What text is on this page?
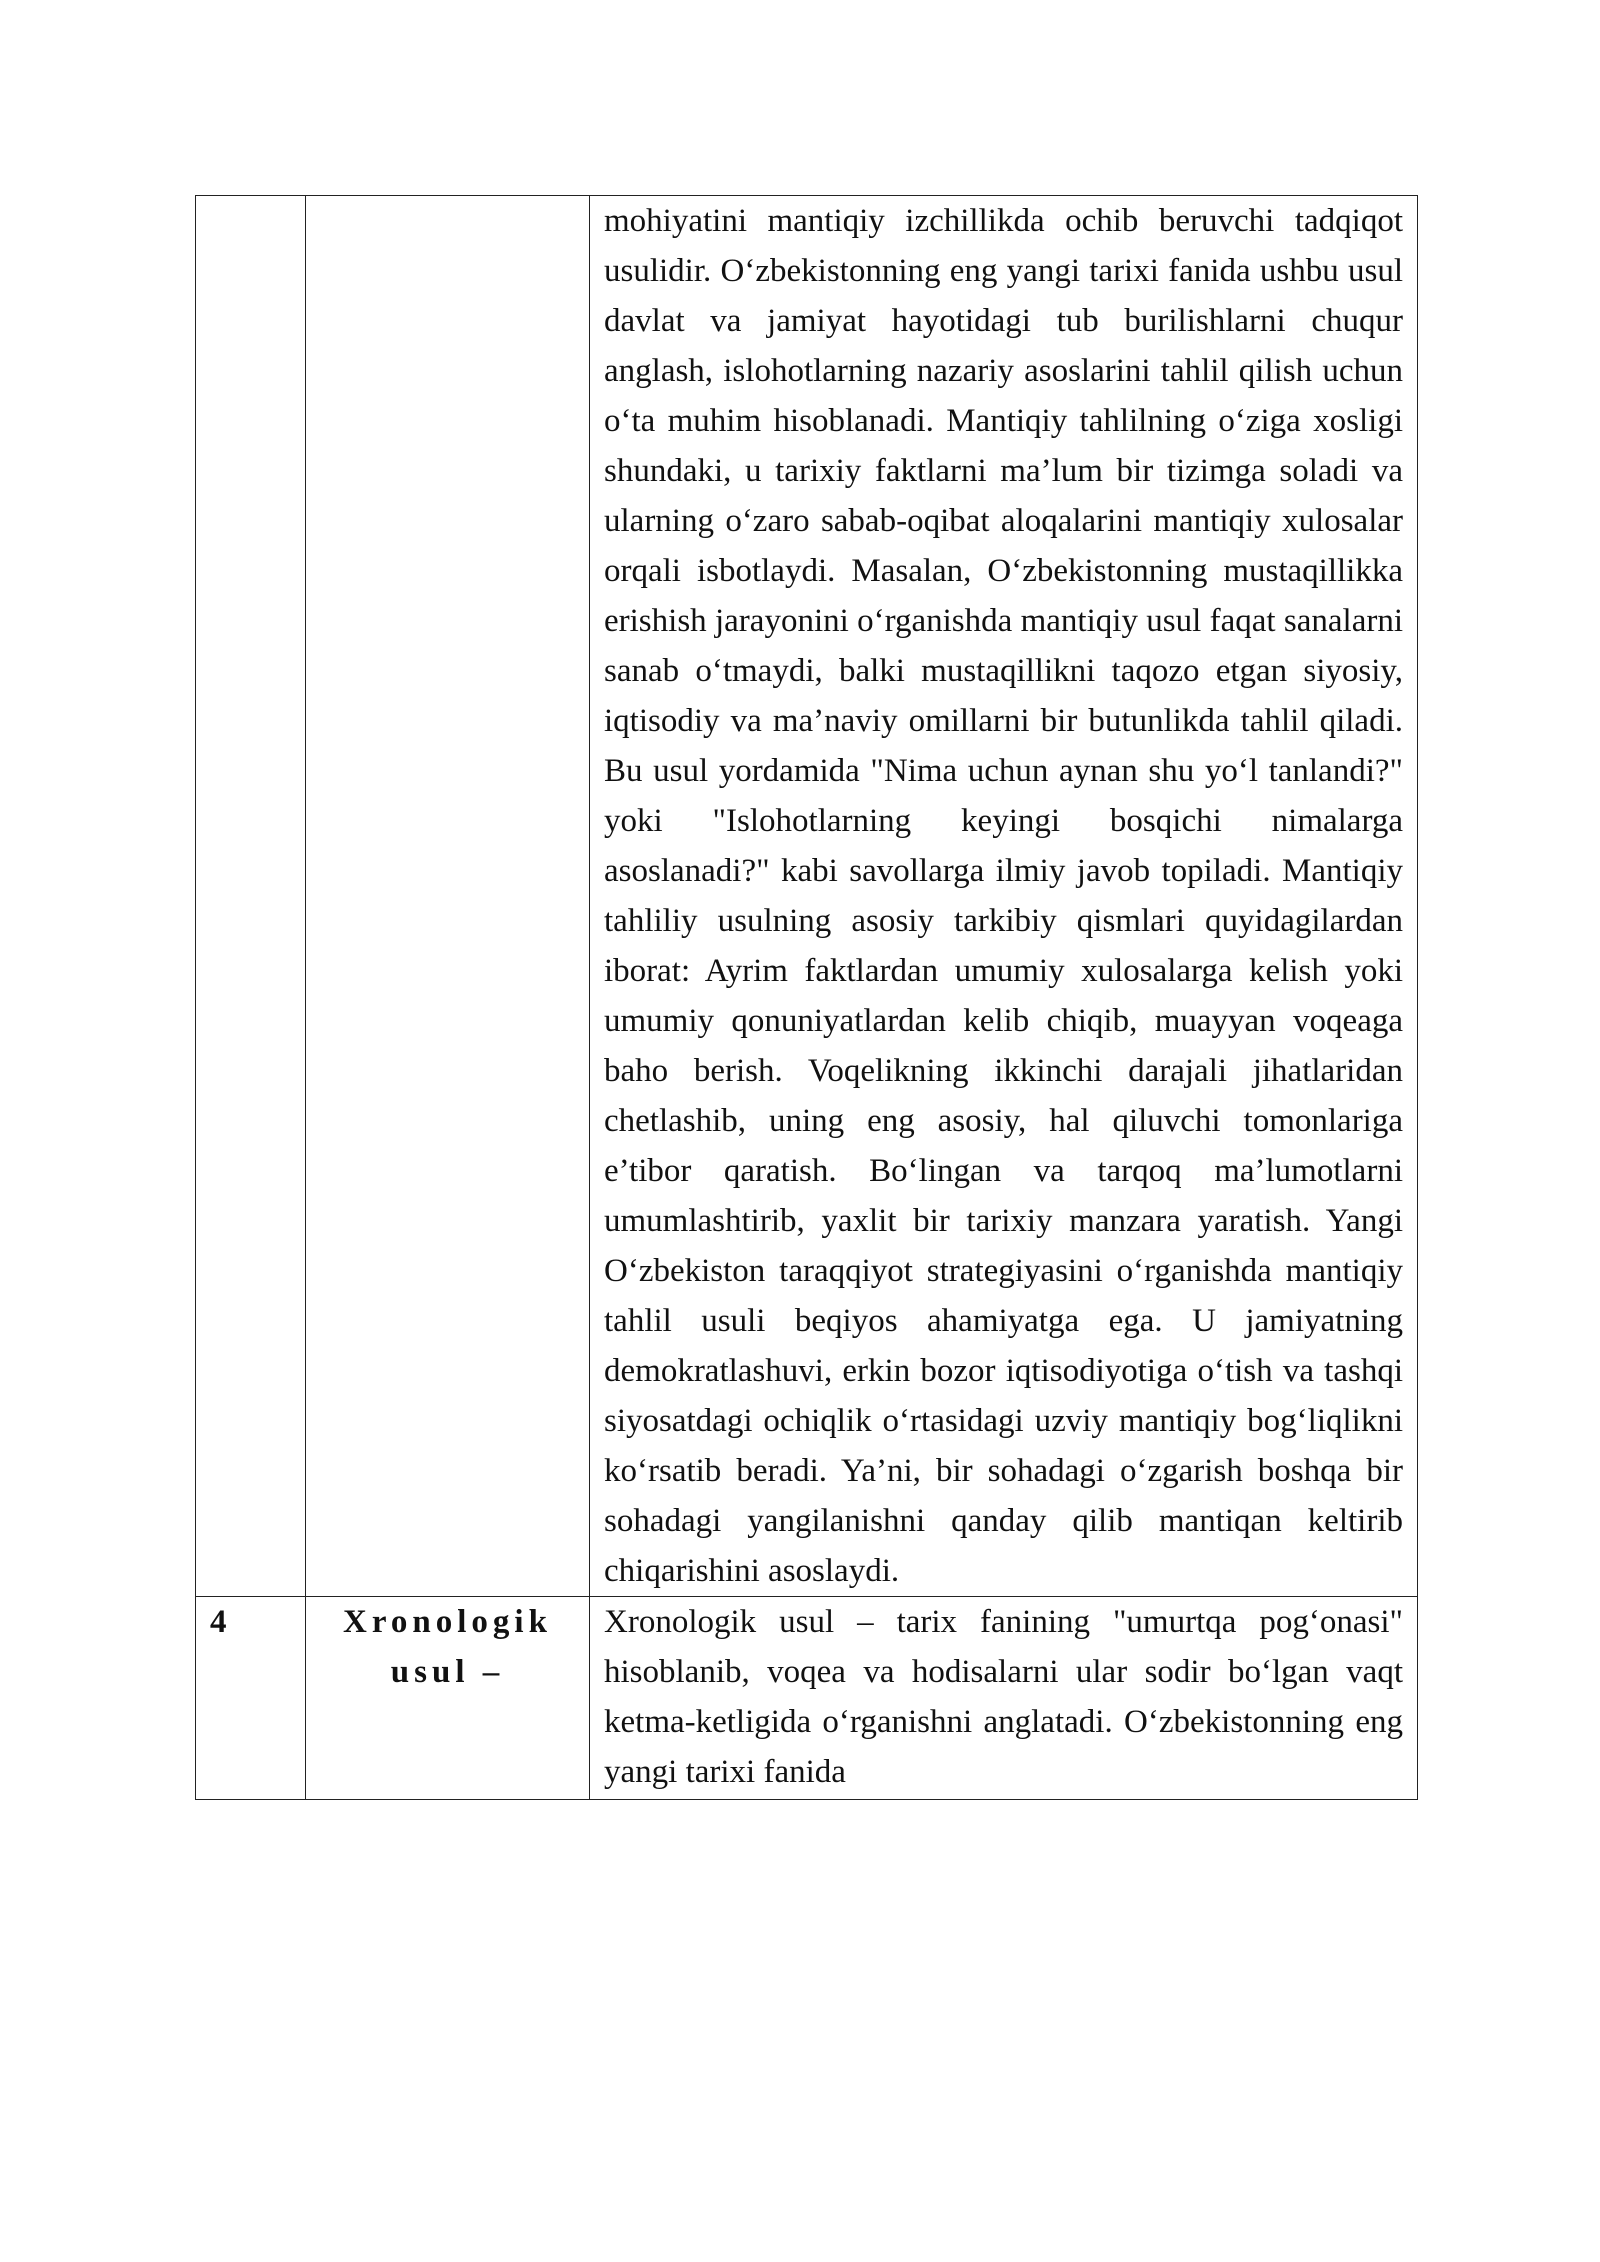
		mohiyatini mantiqiy izchillikda ochib beruvchi tadqiqot usulidir. O‘zbekistonning eng yangi tarixi fanida ushbu usul davlat va jamiyat hayotidagi tub burilishlarni chuqur anglash, islohotlarning nazariy asoslarini tahlil qilish uchun o‘ta muhim hisoblanadi. Mantiqiy tahlilning o‘ziga xosligi shundaki, u tarixiy faktlarni ma’lum bir tizimga soladi va ularning o‘zaro sabab-oqibat aloqalarini mantiqiy xulosalar orqali isbotlaydi. Masalan, O‘zbekistonning mustaqillikka erishish jarayonini o‘rganishda mantiqiy usul faqat sanalarni sanab o‘tmaydi, balki mustaqillikni taqozo etgan siyosiy, iqtisodiy va ma’naviy omillarni bir butunlikda tahlil qiladi. Bu usul yordamida "Nima uchun aynan shu yo‘l tanlandi?" yoki "Islohotlarning keyingi bosqichi nimalarga asoslanadi?" kabi savollarga ilmiy javob topiladi. Mantiqiy tahliliy usulning asosiy tarkibiy qismlari quyidagilardan iborat: Ayrim faktlardan umumiy xulosalarga kelish yoki umumiy qonuniyatlardan kelib chiqib, muayyan voqeaga baho berish. Voqelikning ikkinchi darajali jihatlaridan chetlashib, uning eng asosiy, hal qiluvchi tomonlariga e’tibor qaratish. Bo‘lingan va tarqoq ma’lumotlarni umumlashtirib, yaxlit bir tarixiy manzara yaratish. Yangi O‘zbekiston taraqqiyot strategiyasini o‘rganishda mantiqiy tahlil usuli beqiyos ahamiyatga ega. U jamiyatning demokratlashuvi, erkin bozor iqtisodiyotiga o‘tish va tashqi siyosatdagi ochiqlik o‘rtasidagi uzviy mantiqiy bog‘liqlikni ko‘rsatib beradi. Ya’ni, bir sohadagi o‘zgarish boshqa bir sohadagi yangilanishni qanday qilib mantiqan keltirib chiqarishini asoslaydi.
4	Xronologik usul –	Xronologik usul – tarix fanining "umurtqa pog‘onasi" hisoblanib, voqea va hodisalarni ular sodir bo‘lgan vaqt ketma-ketligida o‘rganishni anglatadi. O‘zbekistonning eng yangi tarixi fanida
